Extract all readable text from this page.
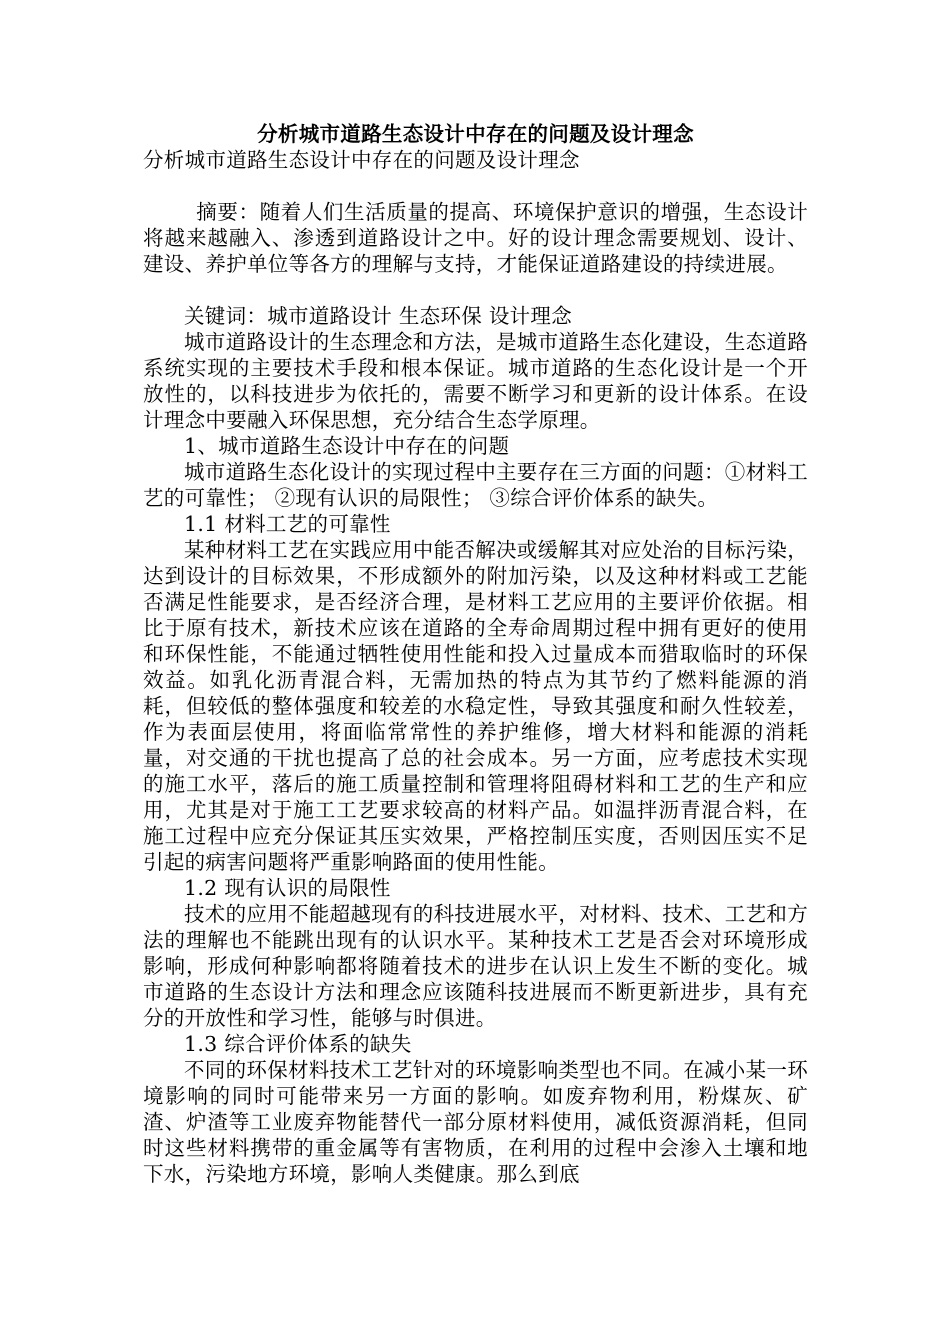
分析城市道路生态设计中存在的问题及设计理念
分析城市道路生态设计中存在的问题及设计理念

摘要：随着人们生活质量的提高、环境保护意识的增强，生态设计将越来越融入、渗透到道路设计之中。好的设计理念需要规划、设计、建设、养护单位等各方的理解与支持，才能保证道路建设的持续进展。

关键词：城市道路设计 生态环保 设计理念

城市道路设计的生态理念和方法，是城市道路生态化建设，生态道路系统实现的主要技术手段和根本保证。城市道路的生态化设计是一个开放性的，以科技进步为依托的，需要不断学习和更新的设计体系。在设计理念中要融入环保思想，充分结合生态学原理。

1、城市道路生态设计中存在的问题

城市道路生态化设计的实现过程中主要存在三方面的问题：①材料工艺的可靠性； ②现有认识的局限性； ③综合评价体系的缺失。

1.1 材料工艺的可靠性

某种材料工艺在实践应用中能否解决或缓解其对应处治的目标污染，达到设计的目标效果，不形成额外的附加污染，以及这种材料或工艺能否满足性能要求，是否经济合理，是材料工艺应用的主要评价依据。相比于原有技术，新技术应该在道路的全寿命周期过程中拥有更好的使用和环保性能，不能通过牺牲使用性能和投入过量成本而猎取临时的环保效益。如乳化沥青混合料，无需加热的特点为其节约了燃料能源的消耗，但较低的整体强度和较差的水稳定性，导致其强度和耐久性较差，作为表面层使用，将面临常常性的养护维修，增大材料和能源的消耗量，对交通的干扰也提高了总的社会成本。另一方面，应考虑技术实现的施工水平，落后的施工质量控制和管理将阻碍材料和工艺的生产和应用，尤其是对于施工工艺要求较高的材料产品。如温拌沥青混合料，在施工过程中应充分保证其压实效果，严格控制压实度，否则因压实不足引起的病害问题将严重影响路面的使用性能。

1.2 现有认识的局限性

技术的应用不能超越现有的科技进展水平，对材料、技术、工艺和方法的理解也不能跳出现有的认识水平。某种技术工艺是否会对环境形成影响，形成何种影响都将随着技术的进步在认识上发生不断的变化。城市道路的生态设计方法和理念应该随科技进展而不断更新进步，具有充分的开放性和学习性，能够与时俱进。

1.3 综合评价体系的缺失

不同的环保材料技术工艺针对的环境影响类型也不同。在减小某一环境影响的同时可能带来另一方面的影响。如废弃物利用，粉煤灰、矿渣、炉渣等工业废弃物能替代一部分原材料使用，减低资源消耗，但同时这些材料携带的重金属等有害物质，在利用的过程中会渗入土壤和地下水，污染地方环境，影响人类健康。那么到底
